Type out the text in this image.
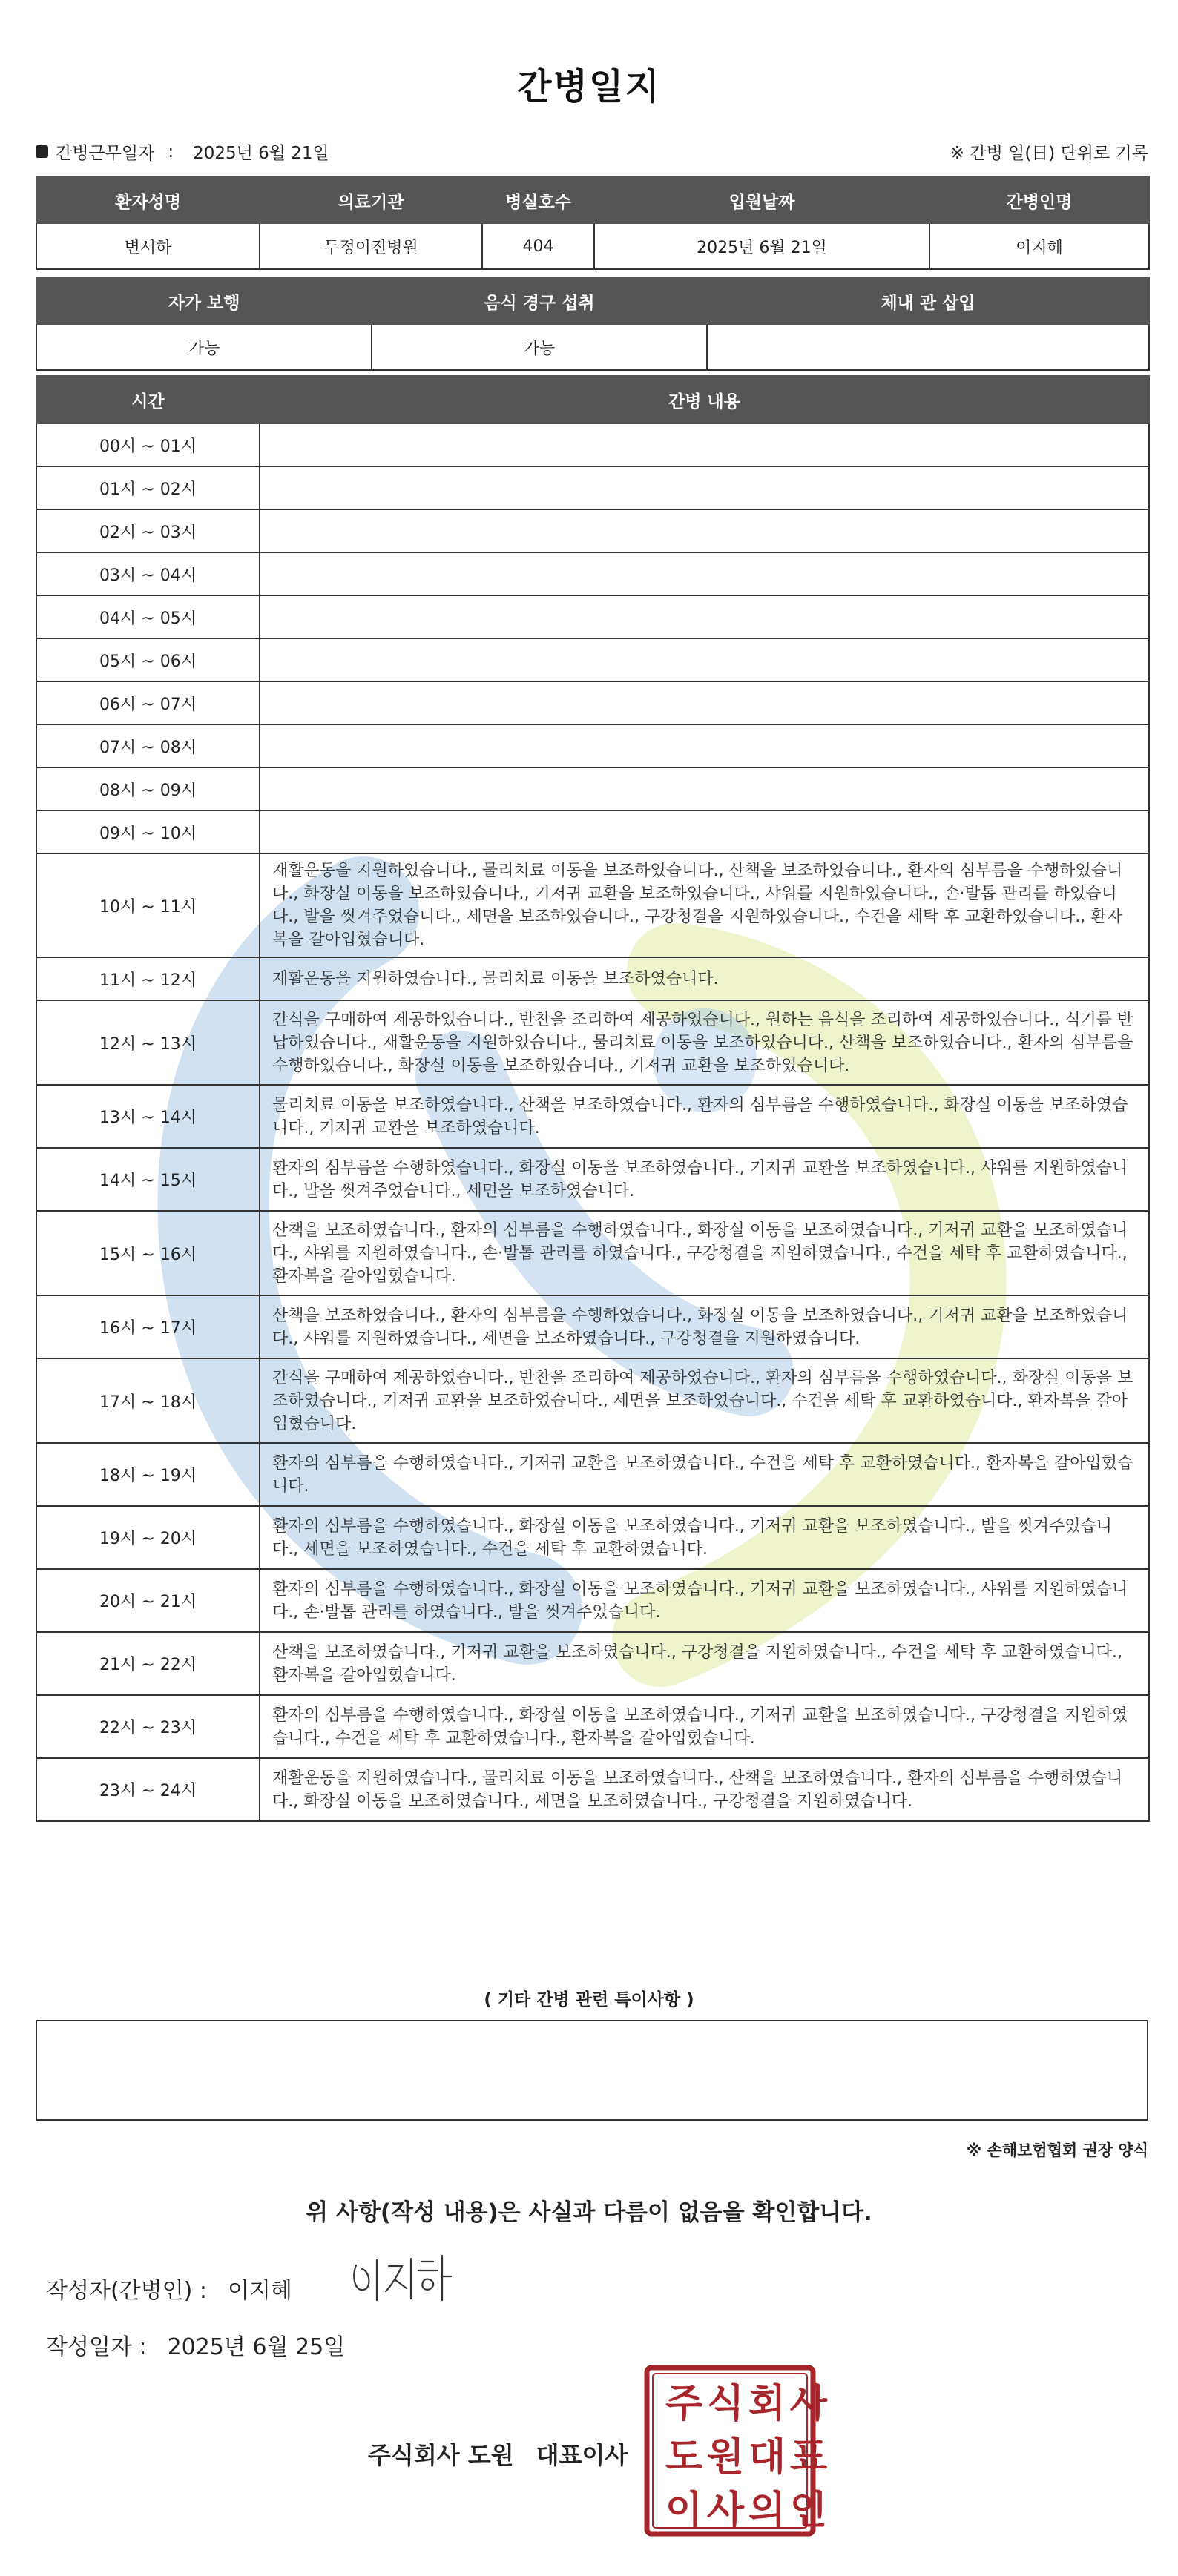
간병일지
간병근무일자 : 2025년 6월 21일	※ 간병 일(日) 단위로 기록
환자성명	의료기관	병실호수	입원날짜	간병인명
변서하	두정이진병원	404	2025년 6월 21일	이지혜
자가 보행	음식 경구 섭취	체내 관 삽입
가능	가능	
시간	간병 내용
00시 ~ 01시	
01시 ~ 02시	
02시 ~ 03시	
03시 ~ 04시	
04시 ~ 05시	
05시 ~ 06시	
06시 ~ 07시	
07시 ~ 08시	
08시 ~ 09시	
09시 ~ 10시	
10시 ~ 11시	재활운동을 지원하였습니다., 물리치료 이동을 보조하였습니다., 산책을 보조하였습니다., 환자의 심부름을 수행하였습니다., 화장실 이동을 보조하였습니다., 기저귀 교환을 보조하였습니다., 샤워를 지원하였습니다., 손·발톱 관리를 하였습니다., 발을 씻겨주었습니다., 세면을 보조하였습니다., 구강청결을 지원하였습니다., 수건을 세탁 후 교환하였습니다., 환자복을 갈아입혔습니다.
11시 ~ 12시	재활운동을 지원하였습니다., 물리치료 이동을 보조하였습니다.
12시 ~ 13시	간식을 구매하여 제공하였습니다., 반찬을 조리하여 제공하였습니다., 원하는 음식을 조리하여 제공하였습니다., 식기를 반납하였습니다., 재활운동을 지원하였습니다., 물리치료 이동을 보조하였습니다., 산책을 보조하였습니다., 환자의 심부름을 수행하였습니다., 화장실 이동을 보조하였습니다., 기저귀 교환을 보조하였습니다.
13시 ~ 14시	물리치료 이동을 보조하였습니다., 산책을 보조하였습니다., 환자의 심부름을 수행하였습니다., 화장실 이동을 보조하였습니다., 기저귀 교환을 보조하였습니다.
14시 ~ 15시	환자의 심부름을 수행하였습니다., 화장실 이동을 보조하였습니다., 기저귀 교환을 보조하였습니다., 샤워를 지원하였습니다., 발을 씻겨주었습니다., 세면을 보조하였습니다.
15시 ~ 16시	산책을 보조하였습니다., 환자의 심부름을 수행하였습니다., 화장실 이동을 보조하였습니다., 기저귀 교환을 보조하였습니다., 샤워를 지원하였습니다., 손·발톱 관리를 하였습니다., 구강청결을 지원하였습니다., 수건을 세탁 후 교환하였습니다., 환자복을 갈아입혔습니다.
16시 ~ 17시	산책을 보조하였습니다., 환자의 심부름을 수행하였습니다., 화장실 이동을 보조하였습니다., 기저귀 교환을 보조하였습니다., 샤워를 지원하였습니다., 세면을 보조하였습니다., 구강청결을 지원하였습니다.
17시 ~ 18시	간식을 구매하여 제공하였습니다., 반찬을 조리하여 제공하였습니다., 환자의 심부름을 수행하였습니다., 화장실 이동을 보조하였습니다., 기저귀 교환을 보조하였습니다., 세면을 보조하였습니다., 수건을 세탁 후 교환하였습니다., 환자복을 갈아입혔습니다.
18시 ~ 19시	환자의 심부름을 수행하였습니다., 기저귀 교환을 보조하였습니다., 수건을 세탁 후 교환하였습니다., 환자복을 갈아입혔습니다.
19시 ~ 20시	환자의 심부름을 수행하였습니다., 화장실 이동을 보조하였습니다., 기저귀 교환을 보조하였습니다., 발을 씻겨주었습니다., 세면을 보조하였습니다., 수건을 세탁 후 교환하였습니다.
20시 ~ 21시	환자의 심부름을 수행하였습니다., 화장실 이동을 보조하였습니다., 기저귀 교환을 보조하였습니다., 샤워를 지원하였습니다., 손·발톱 관리를 하였습니다., 발을 씻겨주었습니다.
21시 ~ 22시	산책을 보조하였습니다., 기저귀 교환을 보조하였습니다., 구강청결을 지원하였습니다., 수건을 세탁 후 교환하였습니다., 환자복을 갈아입혔습니다.
22시 ~ 23시	환자의 심부름을 수행하였습니다., 화장실 이동을 보조하였습니다., 기저귀 교환을 보조하였습니다., 구강청결을 지원하였습니다., 수건을 세탁 후 교환하였습니다., 환자복을 갈아입혔습니다.
23시 ~ 24시	재활운동을 지원하였습니다., 물리치료 이동을 보조하였습니다., 산책을 보조하였습니다., 환자의 심부름을 수행하였습니다., 화장실 이동을 보조하였습니다., 세면을 보조하였습니다., 구강청결을 지원하였습니다.
( 기타 간병 관련 특이사항 )
※ 손해보험협회 권장 양식
위 사항(작성 내용)은 사실과 다름이 없음을 확인합니다.
작성자(간병인) : 이지혜
작성일자 : 2025년 6월 25일
주식회사 도원 대표이사
주 식 회 사
도 원 대 표
이 사 의 인
